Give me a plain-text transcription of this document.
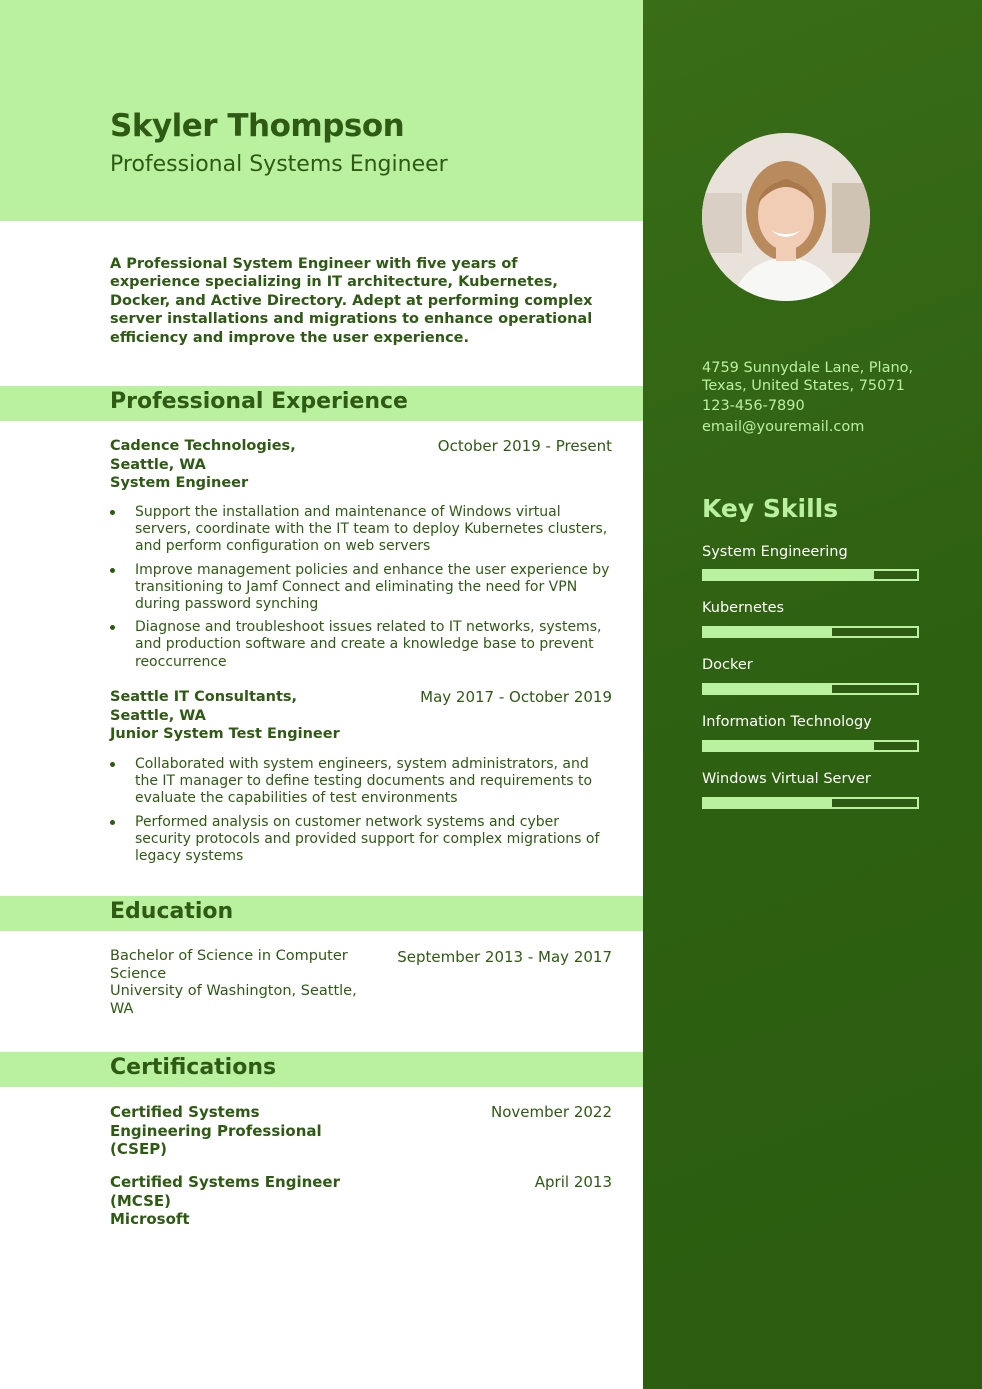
Skyler Thompson
Professional Systems Engineer
A Professional System Engineer with five years of experience specializing in IT architecture, Kubernetes, Docker, and Active Directory. Adept at performing complex server installations and migrations to enhance operational efficiency and improve the user experience.
Professional Experience
Cadence Technologies, Seattle, WA
System Engineer
October 2019 - Present
Support the installation and maintenance of Windows virtual servers, coordinate with the IT team to deploy Kubernetes clusters, and perform configuration on web servers
Improve management policies and enhance the user experience by transitioning to Jamf Connect and eliminating the need for VPN during password synching
Diagnose and troubleshoot issues related to IT networks, systems, and production software and create a knowledge base to prevent reoccurrence
Seattle IT Consultants, Seattle, WA
Junior System Test Engineer
May 2017 - October 2019
Collaborated with system engineers, system administrators, and the IT manager to define testing documents and requirements to evaluate the capabilities of test environments
Performed analysis on customer network systems and cyber security protocols and provided support for complex migrations of legacy systems
Education
Bachelor of Science in Computer Science
University of Washington, Seattle, WA
September 2013 - May 2017
Certifications
Certified Systems Engineering Professional (CSEP)
November 2022
Certified Systems Engineer (MCSE)
Microsoft
April 2013
4759 Sunnydale Lane, Plano, Texas, United States, 75071
123-456-7890
email@youremail.com
Key Skills
System Engineering
Kubernetes
Docker
Information Technology
Windows Virtual Server
